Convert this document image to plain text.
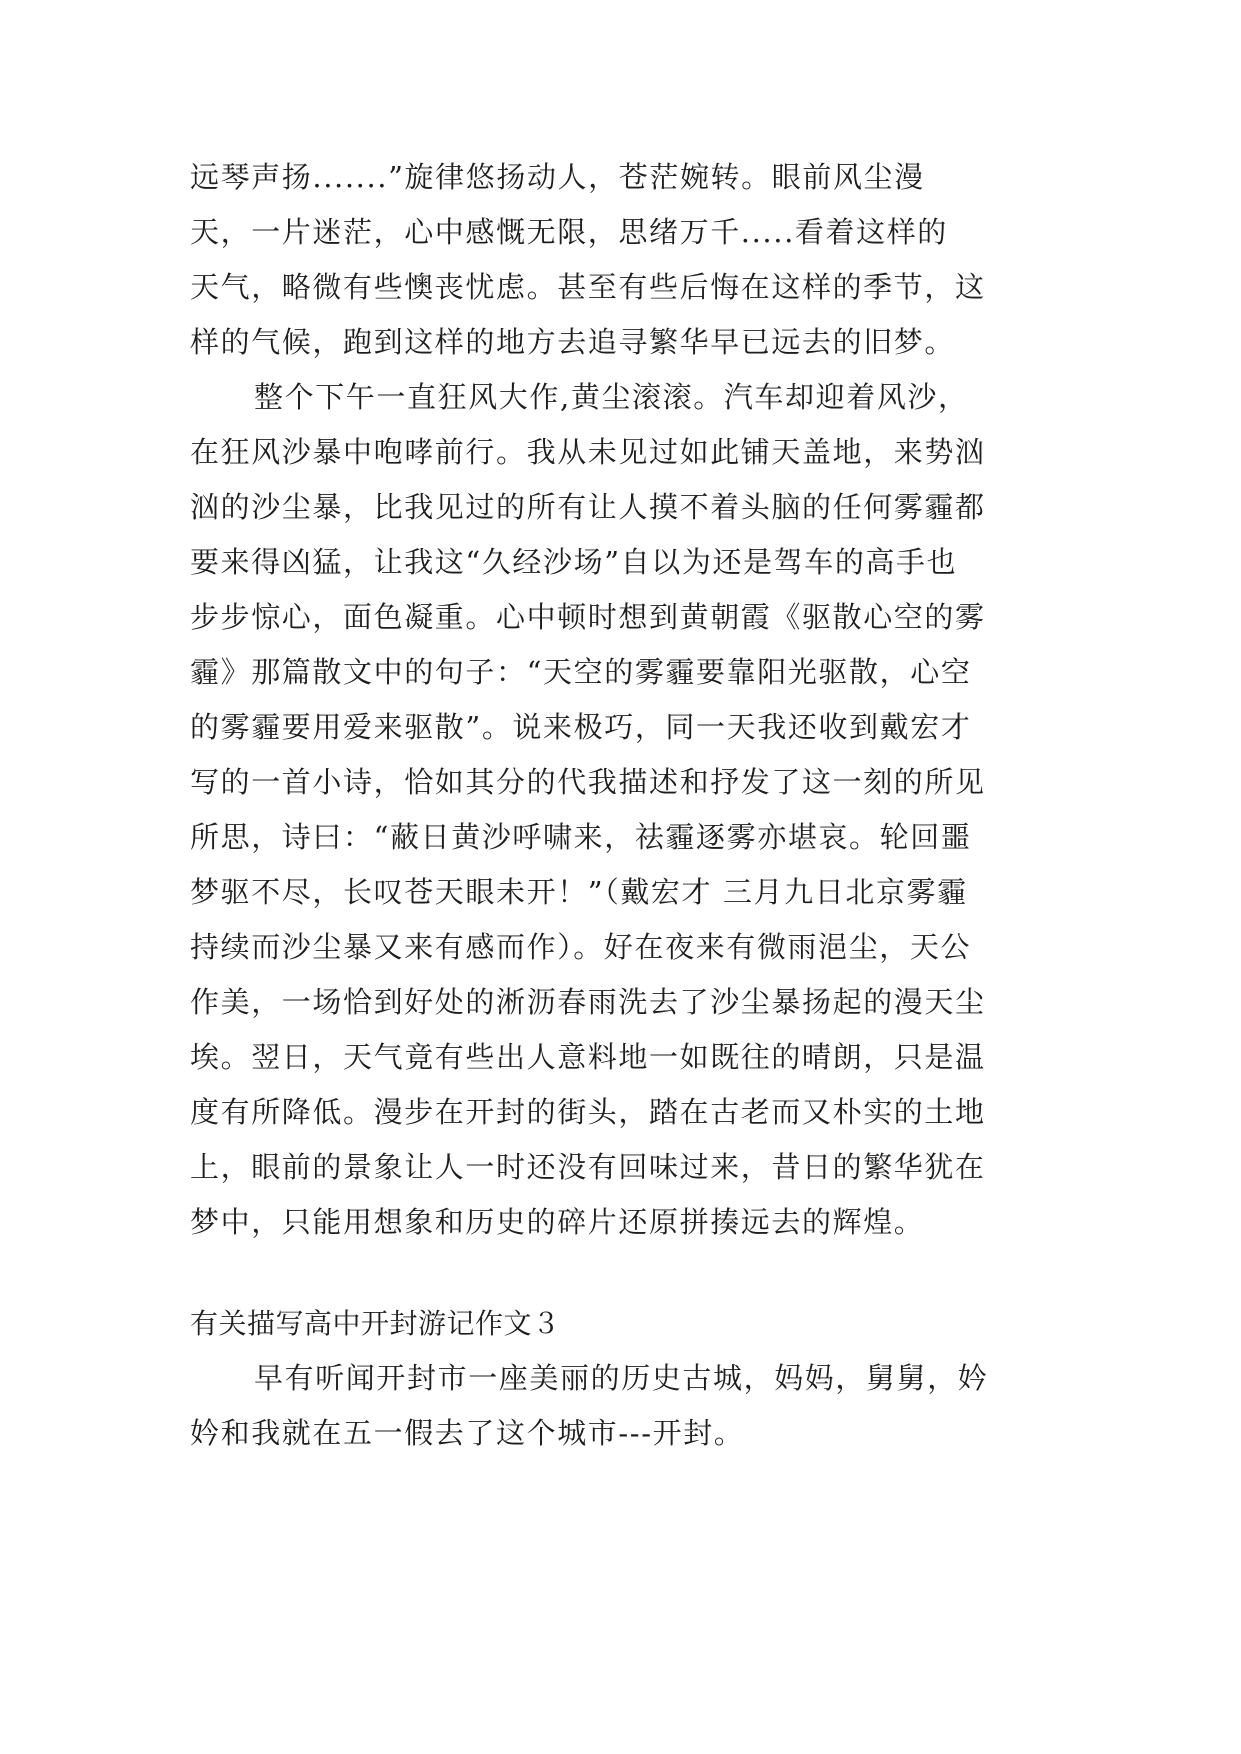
远琴声扬.......”旋律悠扬动人，苍茫婉转。眼前风尘漫
天，一片迷茫，心中感慨无限，思绪万千.....看着这样的
天气，略微有些懊丧忧虑。甚至有些后悔在这样的季节，这
样的气候，跑到这样的地方去追寻繁华早已远去的旧梦。
整个下午一直狂风大作,黄尘滚滚。汽车却迎着风沙，
在狂风沙暴中咆哮前行。我从未见过如此铺天盖地，来势汹
汹的沙尘暴，比我见过的所有让人摸不着头脑的任何雾霾都
要来得凶猛，让我这“久经沙场”自以为还是驾车的高手也
步步惊心，面色凝重。心中顿时想到黄朝霞《驱散心空的雾
霾》那篇散文中的句子：“天空的雾霾要靠阳光驱散，心空
的雾霾要用爱来驱散”。说来极巧，同一天我还收到戴宏才
写的一首小诗，恰如其分的代我描述和抒发了这一刻的所见
所思，诗曰：“蔽日黄沙呼啸来，祛霾逐雾亦堪哀。轮回噩
梦驱不尽，长叹苍天眼未开！”（戴宏才 三月九日北京雾霾
持续而沙尘暴又来有感而作）。好在夜来有微雨浥尘，天公
作美，一场恰到好处的淅沥春雨洗去了沙尘暴扬起的漫天尘
埃。翌日，天气竟有些出人意料地一如既往的晴朗，只是温
度有所降低。漫步在开封的街头，踏在古老而又朴实的土地
上，眼前的景象让人一时还没有回味过来，昔日的繁华犹在
梦中，只能用想象和历史的碎片还原拼揍远去的辉煌。
有关描写高中开封游记作文３
早有听闻开封市一座美丽的历史古城，妈妈，舅舅，妗
妗和我就在五一假去了这个城市---开封。
